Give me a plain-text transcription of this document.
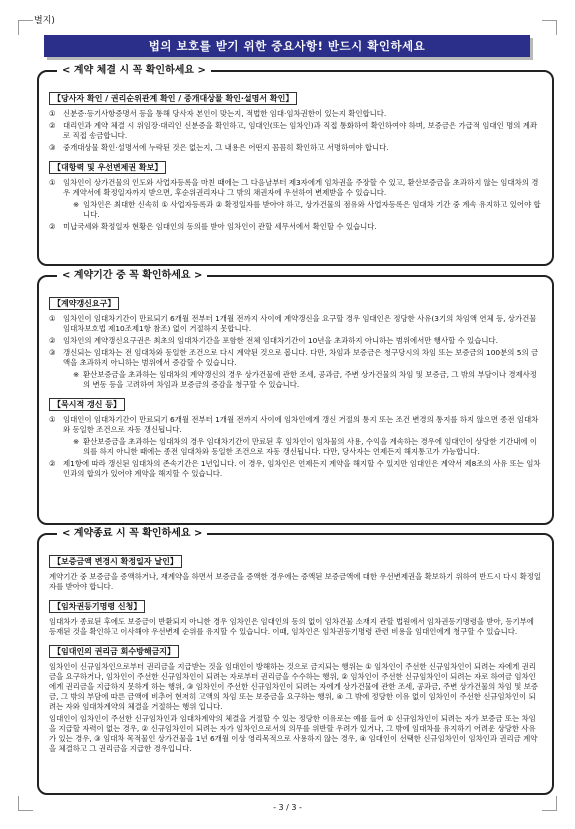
별지)
법의 보호를 받기 위한 중요사항! 반드시 확인하세요
< 계약 체결 시 꼭 확인하세요 >
【당사자 확인 / 권리순위관계 확인 / 중개대상물 확인·설명서 확인】
① 신분증·등기사항증명서 등을 통해 당사자 본인이 맞는지, 적법한 임대·임차권한이 있는지 확인합니다.
② 대리인과 계약 체결 시 위임장·대리인 신분증을 확인하고, 임대인(또는 임차인)과 직접 통화하여 확인하여야 하며, 보증금은 가급적 임대인 명의 계좌로 직접 송금합니다.
③ 중개대상물 확인·설명서에 누락된 것은 없는지, 그 내용은 어떤지 꼼꼼히 확인하고 서명하여야 합니다.
【대항력 및 우선변제권 확보】
① 임차인이 상가건물의 인도와 사업자등록을 마친 때에는 그 다음날부터 제3자에게 임차권을 주장할 수 있고, 환산보증금을 초과하지 않는 임대차의 경우 계약서에 확정일자까지 받으면, 후순위권리자나 그 밖의 채권자에 우선하여 변제받을 수 있습니다.
※ 임차인은 최대한 신속히 ① 사업자등록과 ② 확정일자를 받아야 하고, 상가건물의 점유와 사업자등록은 임대차 기간 중 계속 유지하고 있어야 합니다.
② 미납국세와 확정일자 현황은 임대인의 동의를 받아 임차인이 관할 세무서에서 확인할 수 있습니다.
< 계약기간 중 꼭 확인하세요 >
【계약갱신요구】
① 임차인이 임대차기간이 만료되기 6개월 전부터 1개월 전까지 사이에 계약갱신을 요구할 경우 임대인은 정당한 사유(3기의 차임액 연체 등, 상가건물 임대차보호법 제10조제1항 참조) 없이 거절하지 못합니다.
② 임차인의 계약갱신요구권은 최초의 임대차기간을 포함한 전체 임대차기간이 10년을 초과하지 아니하는 범위에서만 행사할 수 있습니다.
③ 갱신되는 임대차는 전 임대차와 동일한 조건으로 다시 계약된 것으로 봅니다. 다만, 차임과 보증금은 청구당시의 차임 또는 보증금의 100분의 5의 금액을 초과하지 아니하는 범위에서 증감할 수 있습니다.
※ 환산보증금을 초과하는 임대차의 계약갱신의 경우 상가건물에 관한 조세, 공과금, 주변 상가건물의 차임 및 보증금, 그 밖의 부담이나 경제사정의 변동 등을 고려하여 차임과 보증금의 증감을 청구할 수 있습니다.
【묵시적 갱신 등】
① 임대인이 임대차기간이 만료되기 6개월 전부터 1개월 전까지 사이에 임차인에게 갱신 거절의 통지 또는 조건 변경의 통지를 하지 않으면 종전 임대차와 동일한 조건으로 자동 갱신됩니다.
※ 환산보증금을 초과하는 임대차의 경우 임대차기간이 만료된 후 임차인이 임차물의 사용, 수익을 계속하는 경우에 임대인이 상당한 기간내에 이의를 하지 아니한 때에는 종전 임대차와 동일한 조건으로 자동 갱신됩니다. 다만, 당사자는 언제든지 해지통고가 가능합니다.
② 제1항에 따라 갱신된 임대차의 존속기간은 1년입니다. 이 경우, 임차인은 언제든지 계약을 해지할 수 있지만 임대인은 계약서 제8조의 사유 또는 임차인과의 합의가 있어야 계약을 해지할 수 있습니다.
< 계약종료 시 꼭 확인하세요 >
【보증금액 변경시 확정일자 날인】
계약기간 중 보증금을 증액하거나, 재계약을 하면서 보증금을 증액한 경우에는 증액된 보증금액에 대한 우선변제권을 확보하기 위하여 반드시 다시 확정일자를 받아야 합니다.
【임차권등기명령 신청】
임대차가 종료된 후에도 보증금이 반환되지 아니한 경우 임차인은 임대인의 동의 없이 임차건물 소재지 관할 법원에서 임차권등기명령을 받아, 등기부에 등재된 것을 확인하고 이사해야 우선변제 순위를 유지할 수 있습니다. 이때, 임차인은 임차권등기명령 관련 비용을 임대인에게 청구할 수 있습니다.
【임대인의 권리금 회수방해금지】
임차인이 신규임차인으로부터 권리금을 지급받는 것을 임대인이 방해하는 것으로 금지되는 행위는 ① 임차인이 주선한 신규임차인이 되려는 자에게 권리금을 요구하거나, 임차인이 주선한 신규임차인이 되려는 자로부터 권리금을 수수하는 행위, ② 임차인이 주선한 신규임차인이 되려는 자로 하여금 임차인에게 권리금을 지급하지 못하게 하는 행위, ③ 임차인이 주선한 신규임차인이 되려는 자에게 상가건물에 관한 조세, 공과금, 주변 상가건물의 차임 및 보증금, 그 밖의 부담에 따른 금액에 비추어 현저히 고액의 차임 또는 보증금을 요구하는 행위, ④ 그 밖에 정당한 이유 없이 임차인이 주선한 신규임차인이 되려는 자와 임대차계약의 체결을 거절하는 행위 입니다.
임대인이 임차인이 주선한 신규임차인과 임대차계약의 체결을 거절할 수 있는 정당한 이유로는 예를 들어 ① 신규임차인이 되려는 자가 보증금 또는 차임을 지급할 자력이 없는 경우, ② 신규임차인이 되려는 자가 임차인으로서의 의무를 위반할 우려가 있거나, 그 밖에 임대차를 유지하기 어려운 상당한 사유가 있는 경우, ③ 임대차 목적물인 상가건물을 1년 6개월 이상 영리목적으로 사용하지 않는 경우, ④ 임대인이 선택한 신규임차인이 임차인과 권리금 계약을 체결하고 그 권리금을 지급한 경우입니다.
- 3 / 3 -
